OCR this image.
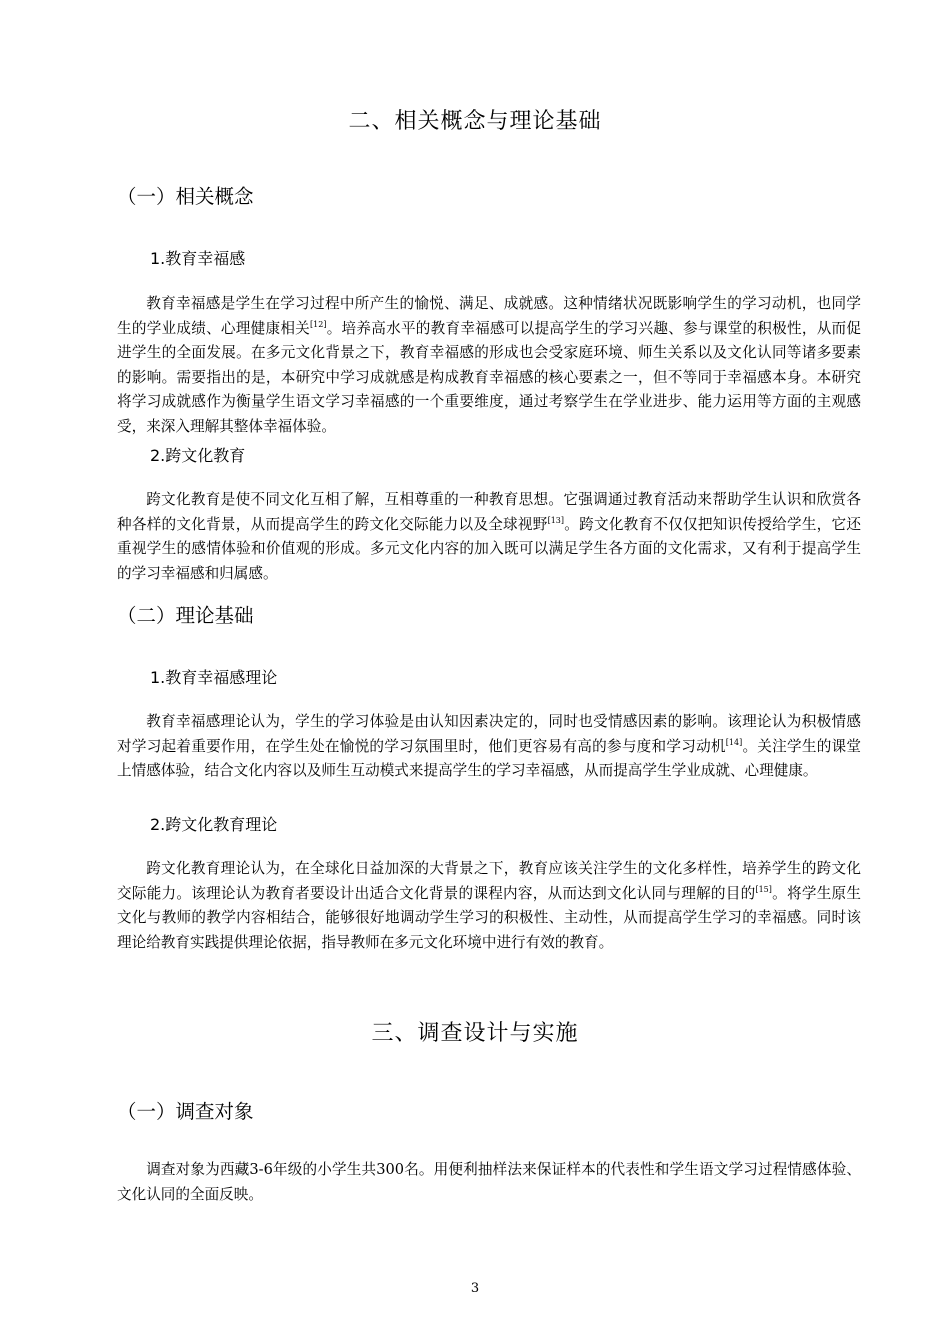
二、相关概念与理论基础
（一）相关概念
1.教育幸福感

教育幸福感是学生在学习过程中所产生的愉悦、满足、成就感。这种情绪状况既影响学生的学习动机，也同学生的学业成绩、心理健康相关[12]。培养高水平的教育幸福感可以提高学生的学习兴趣、参与课堂的积极性，从而促进学生的全面发展。在多元文化背景之下，教育幸福感的形成也会受家庭环境、师生关系以及文化认同等诸多要素的影响。需要指出的是，本研究中学习成就感是构成教育幸福感的核心要素之一，但不等同于幸福感本身。本研究将学习成就感作为衡量学生语文学习幸福感的一个重要维度，通过考察学生在学业进步、能力运用等方面的主观感受，来深入理解其整体幸福体验。

2.跨文化教育

跨文化教育是使不同文化互相了解，互相尊重的一种教育思想。它强调通过教育活动来帮助学生认识和欣赏各种各样的文化背景，从而提高学生的跨文化交际能力以及全球视野[13]。跨文化教育不仅仅把知识传授给学生，它还重视学生的感情体验和价值观的形成。多元文化内容的加入既可以满足学生各方面的文化需求，又有利于提高学生的学习幸福感和归属感。

（二）理论基础
1.教育幸福感理论

教育幸福感理论认为，学生的学习体验是由认知因素决定的，同时也受情感因素的影响。该理论认为积极情感对学习起着重要作用，在学生处在愉悦的学习氛围里时，他们更容易有高的参与度和学习动机[14]。关注学生的课堂上情感体验，结合文化内容以及师生互动模式来提高学生的学习幸福感，从而提高学生学业成就、心理健康。

2.跨文化教育理论

跨文化教育理论认为，在全球化日益加深的大背景之下，教育应该关注学生的文化多样性，培养学生的跨文化交际能力。该理论认为教育者要设计出适合文化背景的课程内容，从而达到文化认同与理解的目的[15]。将学生原生文化与教师的教学内容相结合，能够很好地调动学生学习的积极性、主动性，从而提高学生学习的幸福感。同时该理论给教育实践提供理论依据，指导教师在多元文化环境中进行有效的教育。

三、调查设计与实施
（一）调查对象

调查对象为西藏3-6年级的小学生共300名。用便利抽样法来保证样本的代表性和学生语文学习过程情感体验、文化认同的全面反映。

3
